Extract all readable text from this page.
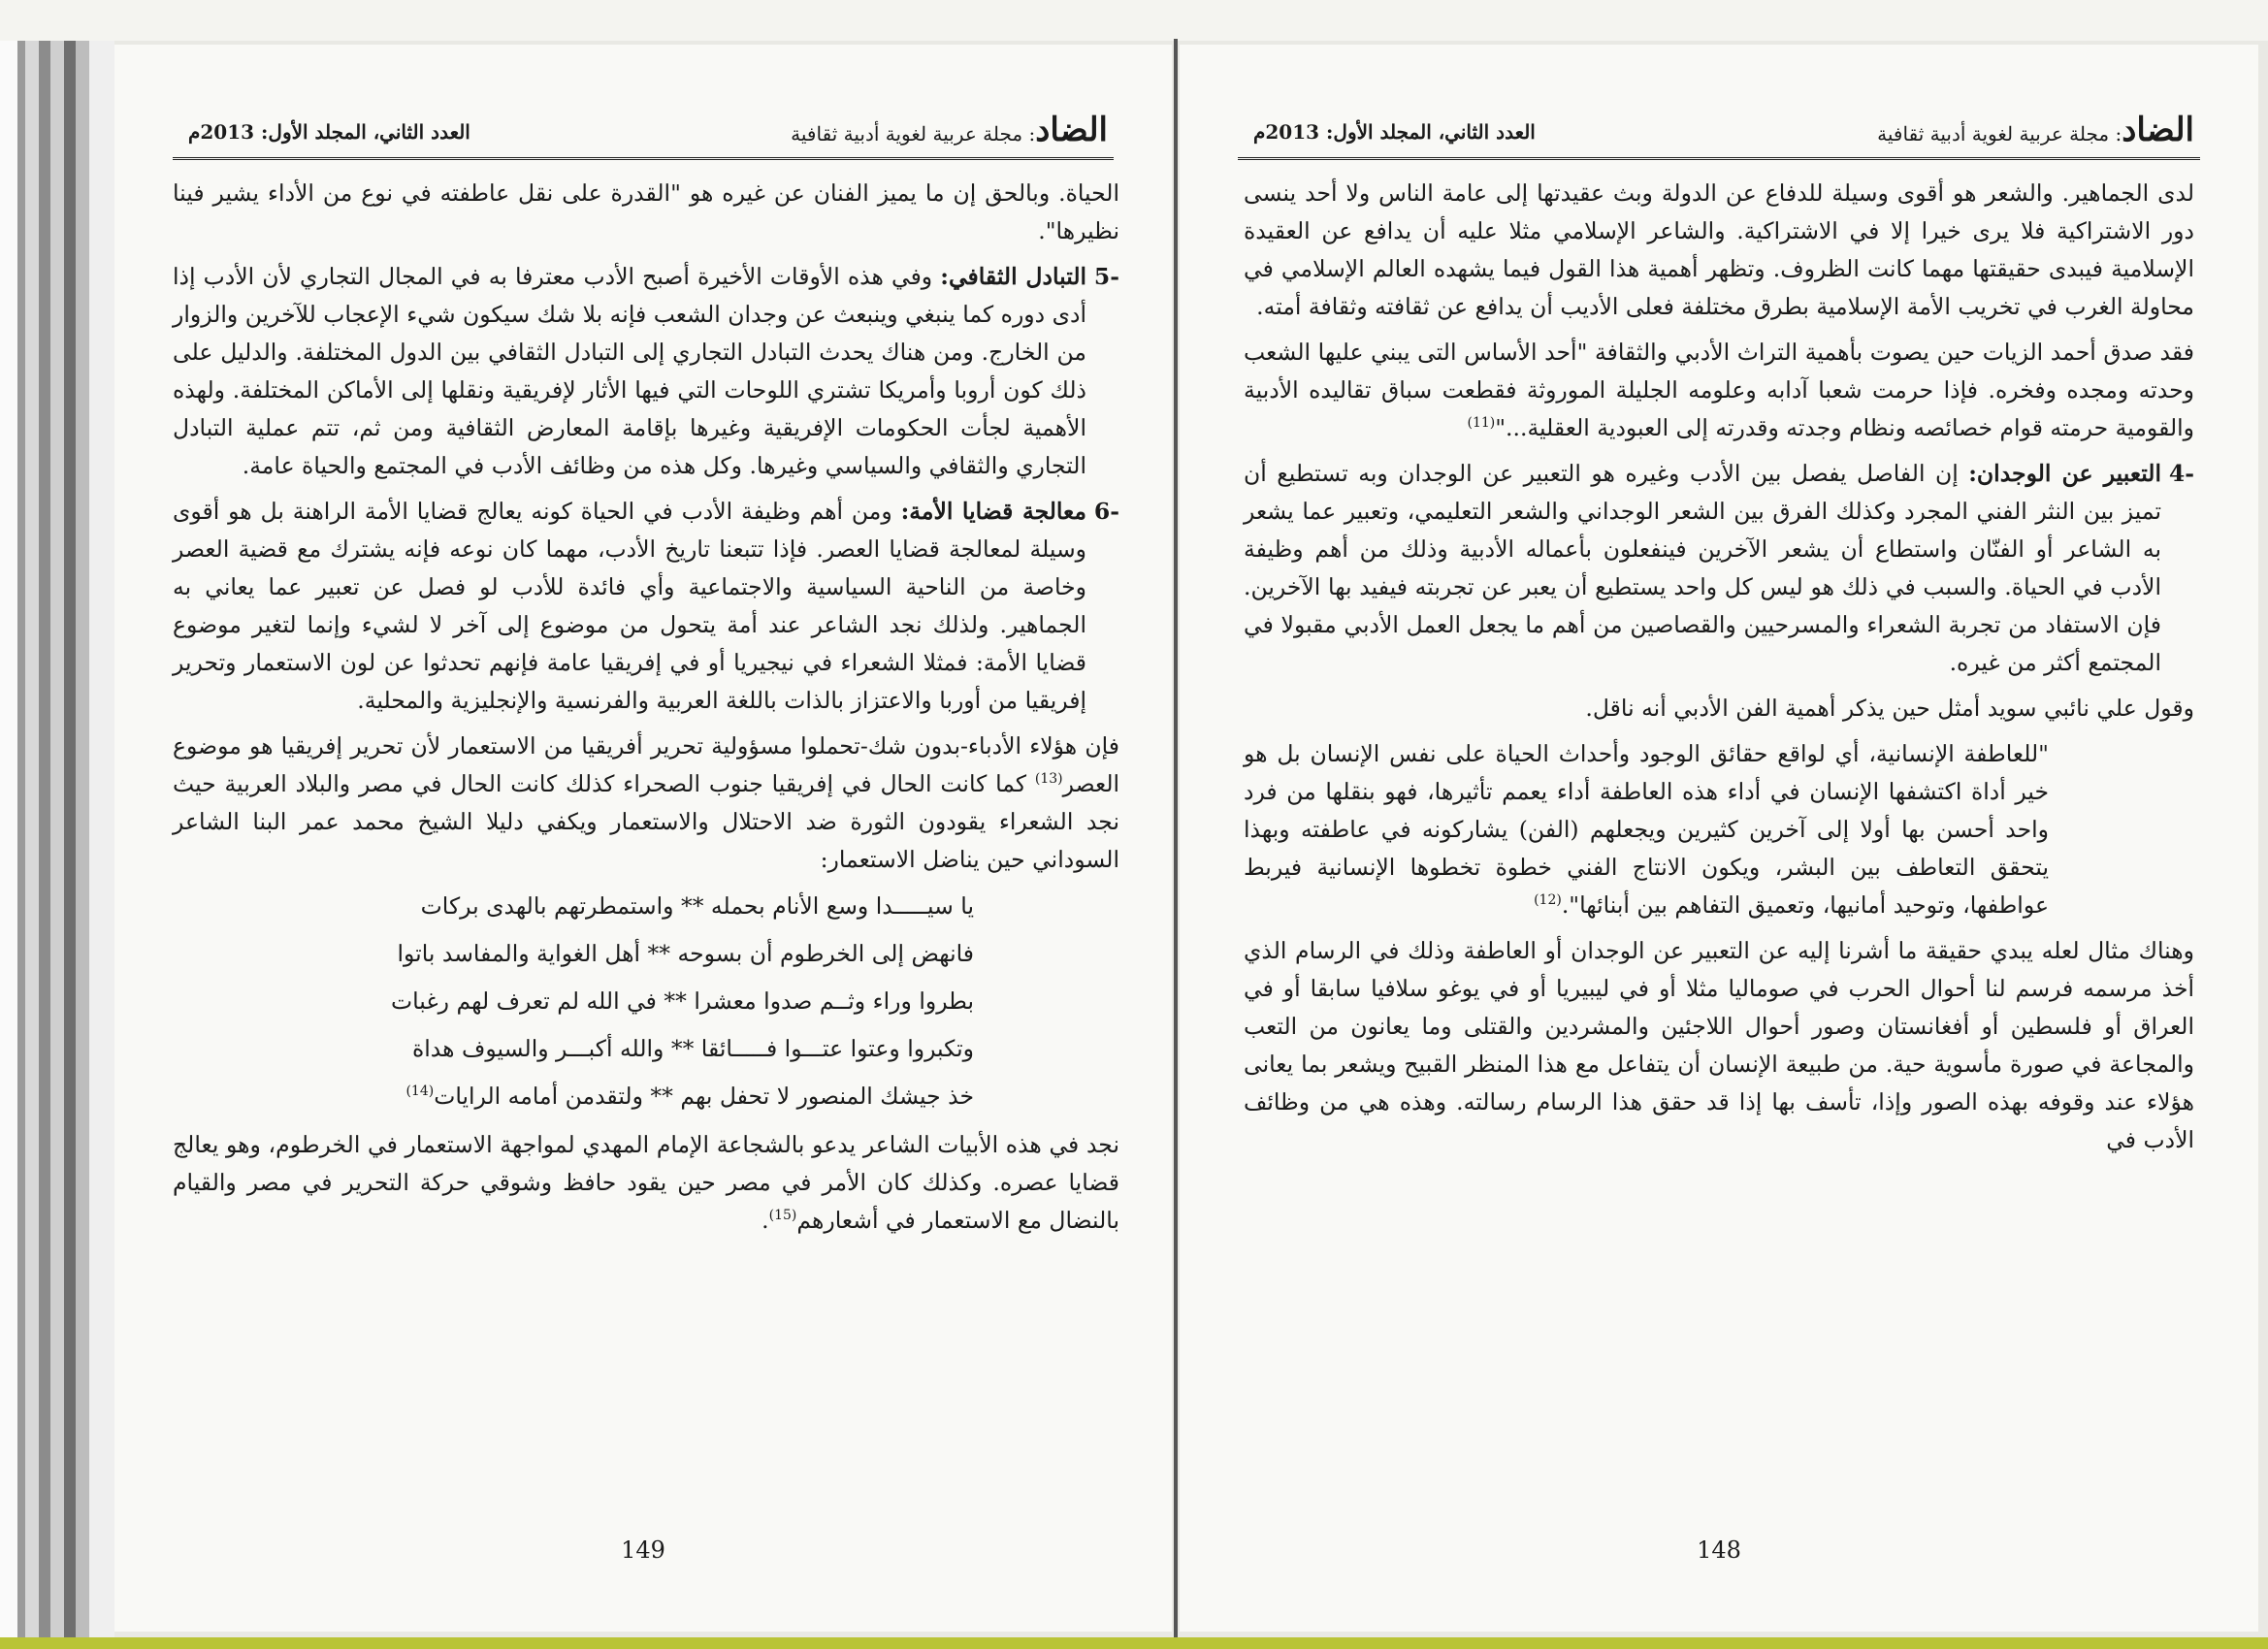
الضاد: مجلة عربية لغوية أدبية ثقافية
العدد الثاني، المجلد الأول: 2013م

الحياة. وبالحق إن ما يميز الفنان عن غيره هو "القدرة على نقل عاطفته في نوع من الأداء يشير فينا نظيرها".

-5
التبادل الثقافي: وفي هذه الأوقات الأخيرة أصبح الأدب معترفا به في المجال التجاري لأن الأدب إذا أدى دوره كما ينبغي وينبعث عن وجدان الشعب فإنه بلا شك سيكون شيء الإعجاب للآخرين والزوار من الخارج. ومن هناك يحدث التبادل التجاري إلى التبادل الثقافي بين الدول المختلفة. والدليل على ذلك كون أروبا وأمريكا تشتري اللوحات التي فيها الأثار لإفريقية ونقلها إلى الأماكن المختلفة. ولهذه الأهمية لجأت الحكومات الإفريقية وغيرها بإقامة المعارض الثقافية ومن ثم، تتم عملية التبادل التجاري والثقافي والسياسي وغيرها. وكل هذه من وظائف الأدب في المجتمع والحياة عامة.

-6
معالجة قضايا الأمة: ومن أهم وظيفة الأدب في الحياة كونه يعالج قضايا الأمة الراهنة بل هو أقوى وسيلة لمعالجة قضايا العصر. فإذا تتبعنا تاريخ الأدب، مهما كان نوعه فإنه يشترك مع قضية العصر وخاصة من الناحية السياسية والاجتماعية وأي فائدة للأدب لو فصل عن تعبير عما يعاني به الجماهير. ولذلك نجد الشاعر عند أمة يتحول من موضوع إلى آخر لا لشيء وإنما لتغير موضوع قضايا الأمة: فمثلا الشعراء في نيجيريا أو في إفريقيا عامة فإنهم تحدثوا عن لون الاستعمار وتحرير إفريقيا من أوربا والاعتزاز بالذات باللغة العربية والفرنسية والإنجليزية والمحلية.

فإن هؤلاء الأدباء-بدون شك-تحملوا مسؤولية تحرير أفريقيا من الاستعمار لأن تحرير إفريقيا هو موضوع العصر$^{(13)}$ كما كانت الحال في إفريقيا جنوب الصحراء كذلك كانت الحال في مصر والبلاد العربية حيث نجد الشعراء يقودون الثورة ضد الاحتلال والاستعمار ويكفي دليلا الشيخ محمد عمر البنا الشاعر السوداني حين يناضل الاستعمار:

يا سيـــــدا وسع الأنام بحمله ** واستمطرتهم بالهدى بركات

فانهض إلى الخرطوم أن بسوحه ** أهل الغواية والمفاسد باتوا

بطروا وراء وثــم صدوا معشرا ** في الله لم تعرف لهم رغبات

وتكبروا وعتوا عتـــوا فـــــائقا ** والله أكبـــر والسيوف هداة

خذ جيشك المنصور لا تحفل بهم ** ولتقدمن أمامه الرايات$^{(14)}$

نجد في هذه الأبيات الشاعر يدعو بالشجاعة الإمام المهدي لمواجهة الاستعمار في الخرطوم، وهو يعالج قضايا عصره. وكذلك كان الأمر في مصر حين يقود حافظ وشوقي حركة التحرير في مصر والقيام بالنضال مع الاستعمار في أشعارهم$^{(15)}$.

149
الضاد: مجلة عربية لغوية أدبية ثقافية
العدد الثاني، المجلد الأول: 2013م

لدى الجماهير. والشعر هو أقوى وسيلة للدفاع عن الدولة وبث عقيدتها إلى عامة الناس ولا أحد ينسى دور الاشتراكية فلا يرى خيرا إلا في الاشتراكية. والشاعر الإسلامي مثلا عليه أن يدافع عن العقيدة الإسلامية فيبدى حقيقتها مهما كانت الظروف. وتظهر أهمية هذا القول فيما يشهده العالم الإسلامي في محاولة الغرب في تخريب الأمة الإسلامية بطرق مختلفة فعلى الأديب أن يدافع عن ثقافته وثقافة أمته.

فقد صدق أحمد الزيات حين يصوت بأهمية التراث الأدبي والثقافة "أحد الأساس التى يبني عليها الشعب وحدته ومجده وفخره. فإذا حرمت شعبا آدابه وعلومه الجليلة الموروثة فقطعت سباق تقاليده الأدبية والقومية حرمته قوام خصائصه ونظام وجدته وقدرته إلى العبودية العقلية..."$^{(11)}$

-4
التعبير عن الوجدان: إن الفاصل يفصل بين الأدب وغيره هو التعبير عن الوجدان وبه تستطيع أن تميز بين النثر الفني المجرد وكذلك الفرق بين الشعر الوجداني والشعر التعليمي، وتعبير عما يشعر به الشاعر أو الفنّان واستطاع أن يشعر الآخرين فينفعلون بأعماله الأدبية وذلك من أهم وظيفة الأدب في الحياة. والسبب في ذلك هو ليس كل واحد يستطيع أن يعبر عن تجربته فيفيد بها الآخرين. فإن الاستفاد من تجربة الشعراء والمسرحيين والقصاصين من أهم ما يجعل العمل الأدبي مقبولا في المجتمع أكثر من غيره.

وقول علي نائبي سويد أمثل حين يذكر أهمية الفن الأدبي أنه ناقل.

"للعاطفة الإنسانية، أي لواقع حقائق الوجود وأحداث الحياة على نفس الإنسان بل هو خير أداة اكتشفها الإنسان في أداء هذه العاطفة أداء يعمم تأثيرها، فهو بنقلها من فرد واحد أحسن بها أولا إلى آخرين كثيرين ويجعلهم (الفن) يشاركونه في عاطفته وبهذا يتحقق التعاطف بين البشر، ويكون الانتاج الفني خطوة تخطوها الإنسانية فيربط عواطفها، وتوحيد أمانيها، وتعميق التفاهم بين أبنائها".$^{(12)}$

وهناك مثال لعله يبدي حقيقة ما أشرنا إليه عن التعبير عن الوجدان أو العاطفة وذلك في الرسام الذي أخذ مرسمه فرسم لنا أحوال الحرب في صوماليا مثلا أو في ليبيريا أو في يوغو سلافيا سابقا أو في العراق أو فلسطين أو أفغانستان وصور أحوال اللاجئين والمشردين والقتلى وما يعانون من التعب والمجاعة في صورة مأسوية حية. من طبيعة الإنسان أن يتفاعل مع هذا المنظر القبيح ويشعر بما يعانى هؤلاء عند وقوفه بهذه الصور وإذا، تأسف بها إذا قد حقق هذا الرسام رسالته. وهذه هي من وظائف الأدب في

148
